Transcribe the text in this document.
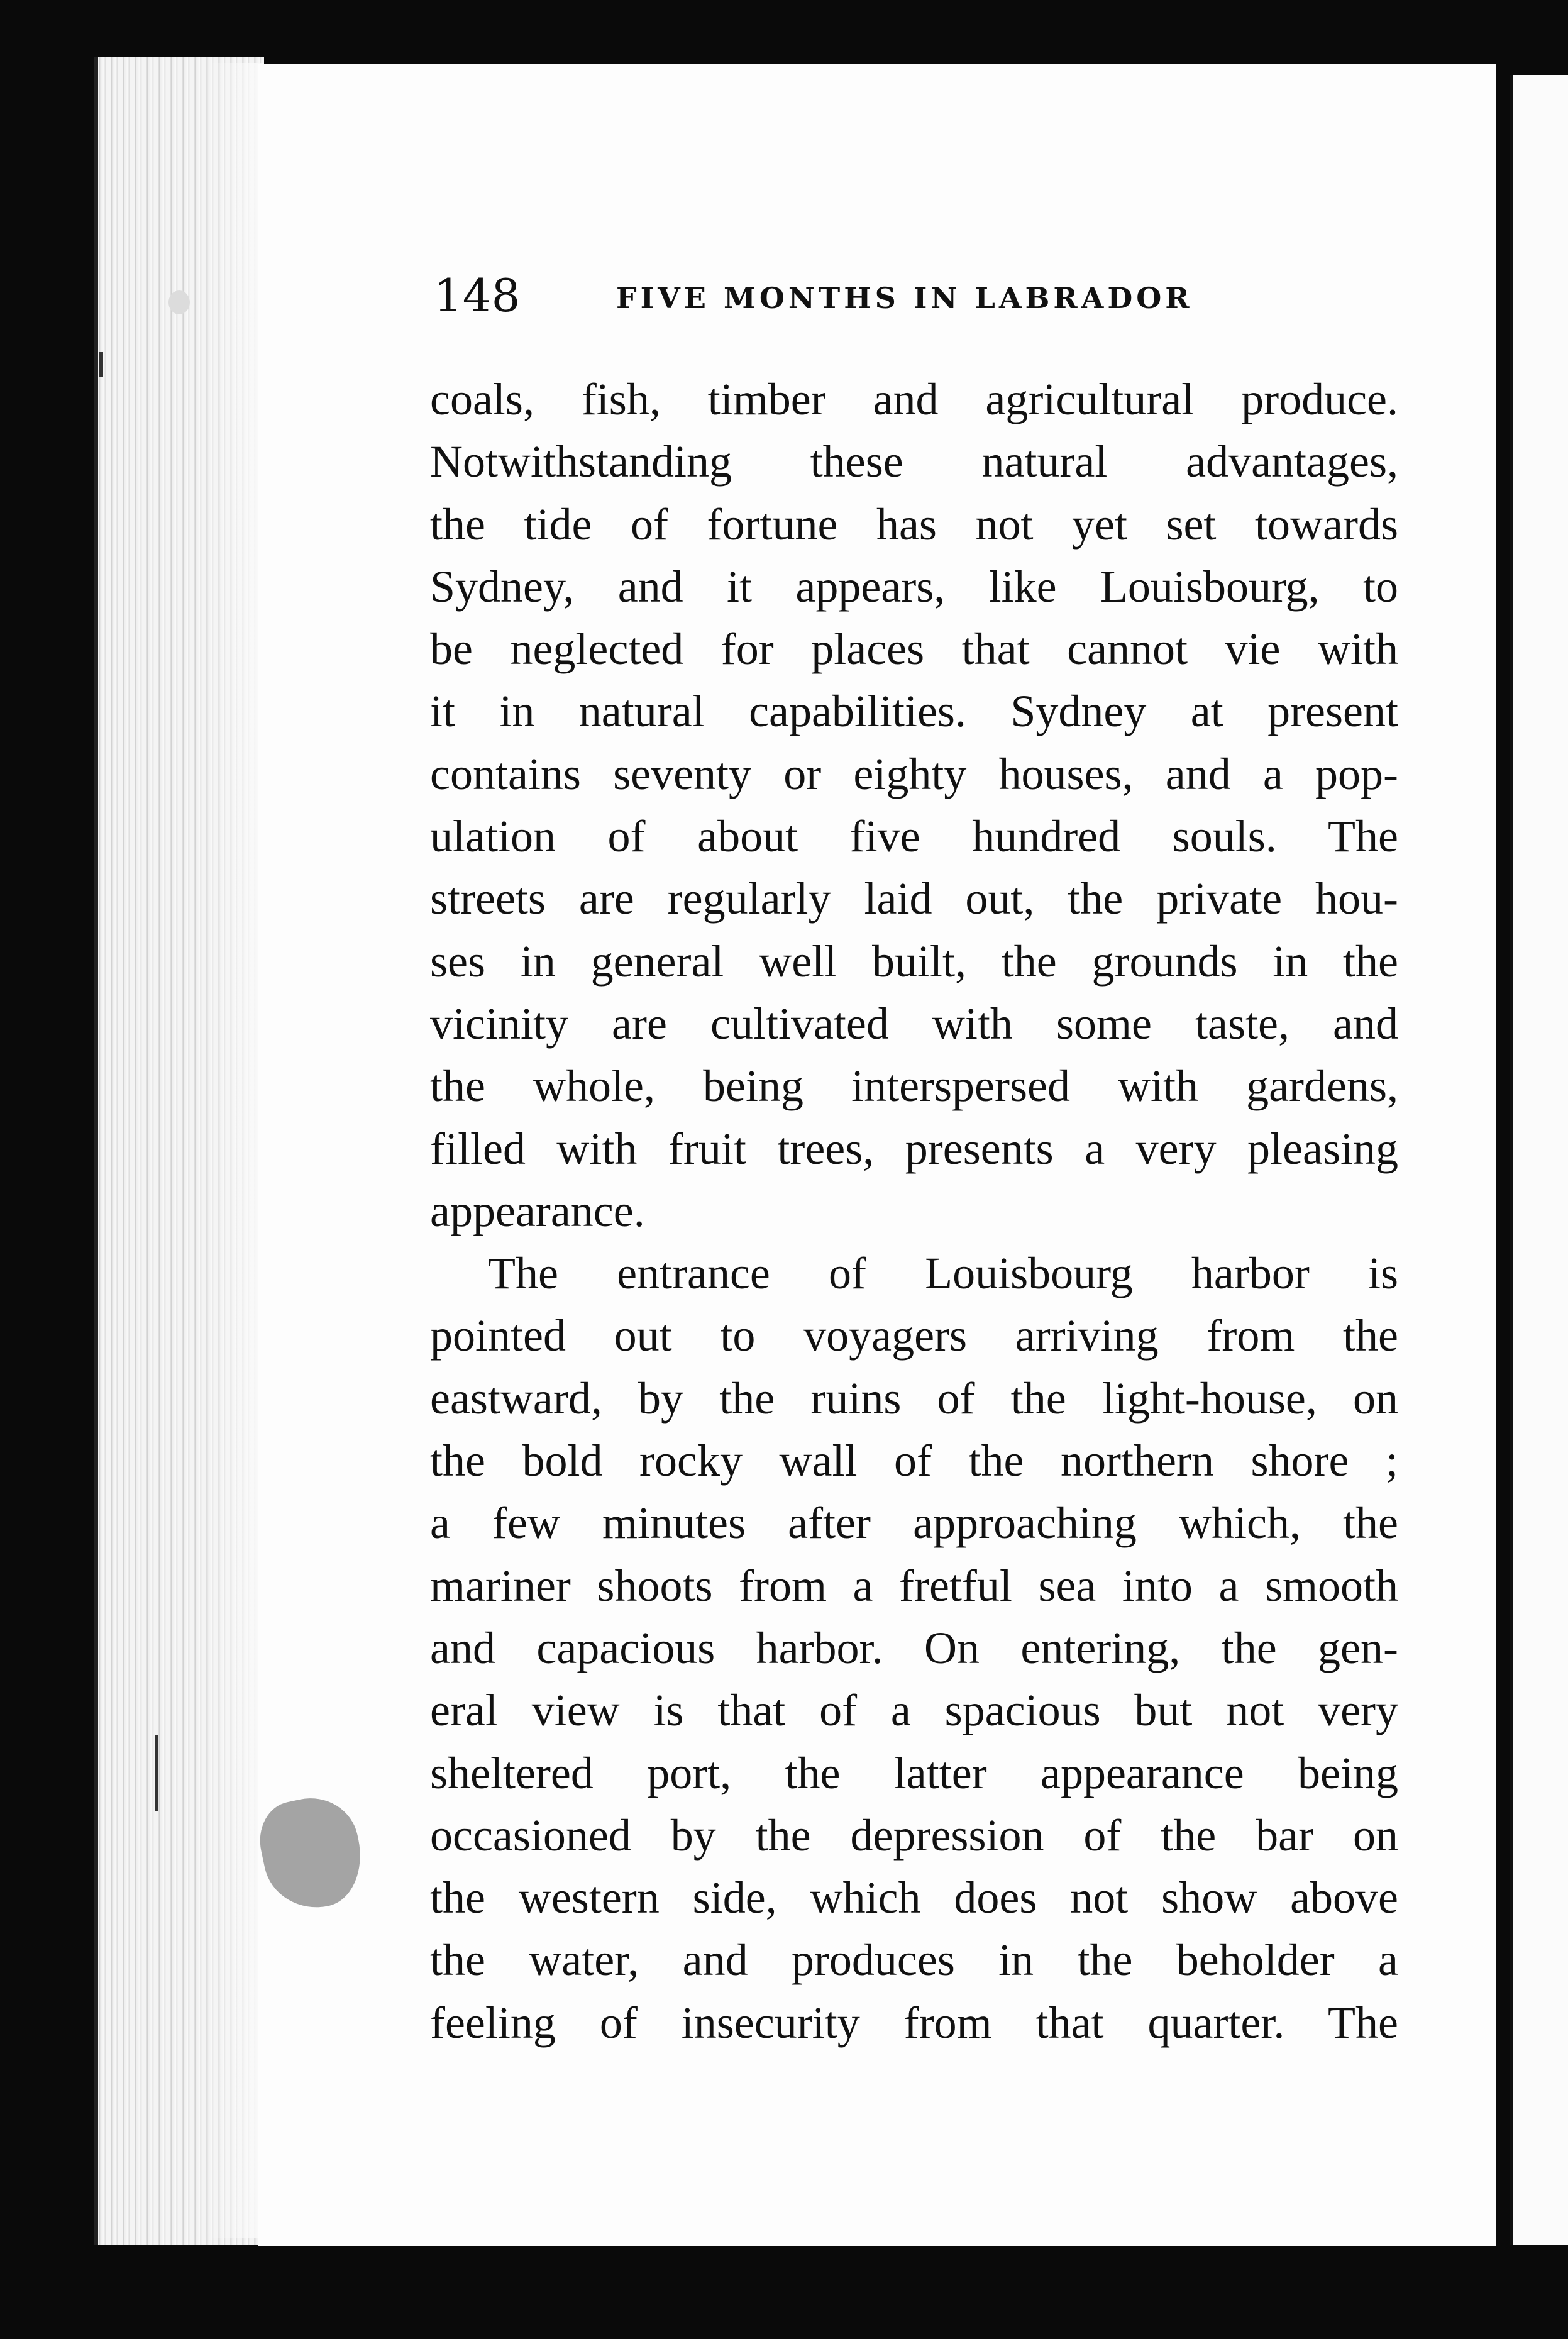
148	FIVE MONTHS IN LABRADOR
coals, fish, timber and agricultural produce.
Notwithstanding these natural advantages,
the tide of fortune has not yet set towards
Sydney, and it appears, like Louisbourg, to
be neglected for places that cannot vie with
it in natural capabilities. Sydney at present
contains seventy or eighty houses, and a pop-
ulation of about five hundred souls. The
streets are regularly laid out, the private hou-
ses in general well built, the grounds in the
vicinity are cultivated with some taste, and
the whole, being interspersed with gardens,
filled with fruit trees, presents a very pleasing
appearance.
The entrance of Louisbourg harbor is
pointed out to voyagers arriving from the
eastward, by the ruins of the light-house, on
the bold rocky wall of the northern shore ;
a few minutes after approaching which, the
mariner shoots from a fretful sea into a smooth
and capacious harbor. On entering, the gen-
eral view is that of a spacious but not very
sheltered port, the latter appearance being
occasioned by the depression of the bar on
the western side, which does not show above
the water, and produces in the beholder a
feeling of insecurity from that quarter. The
